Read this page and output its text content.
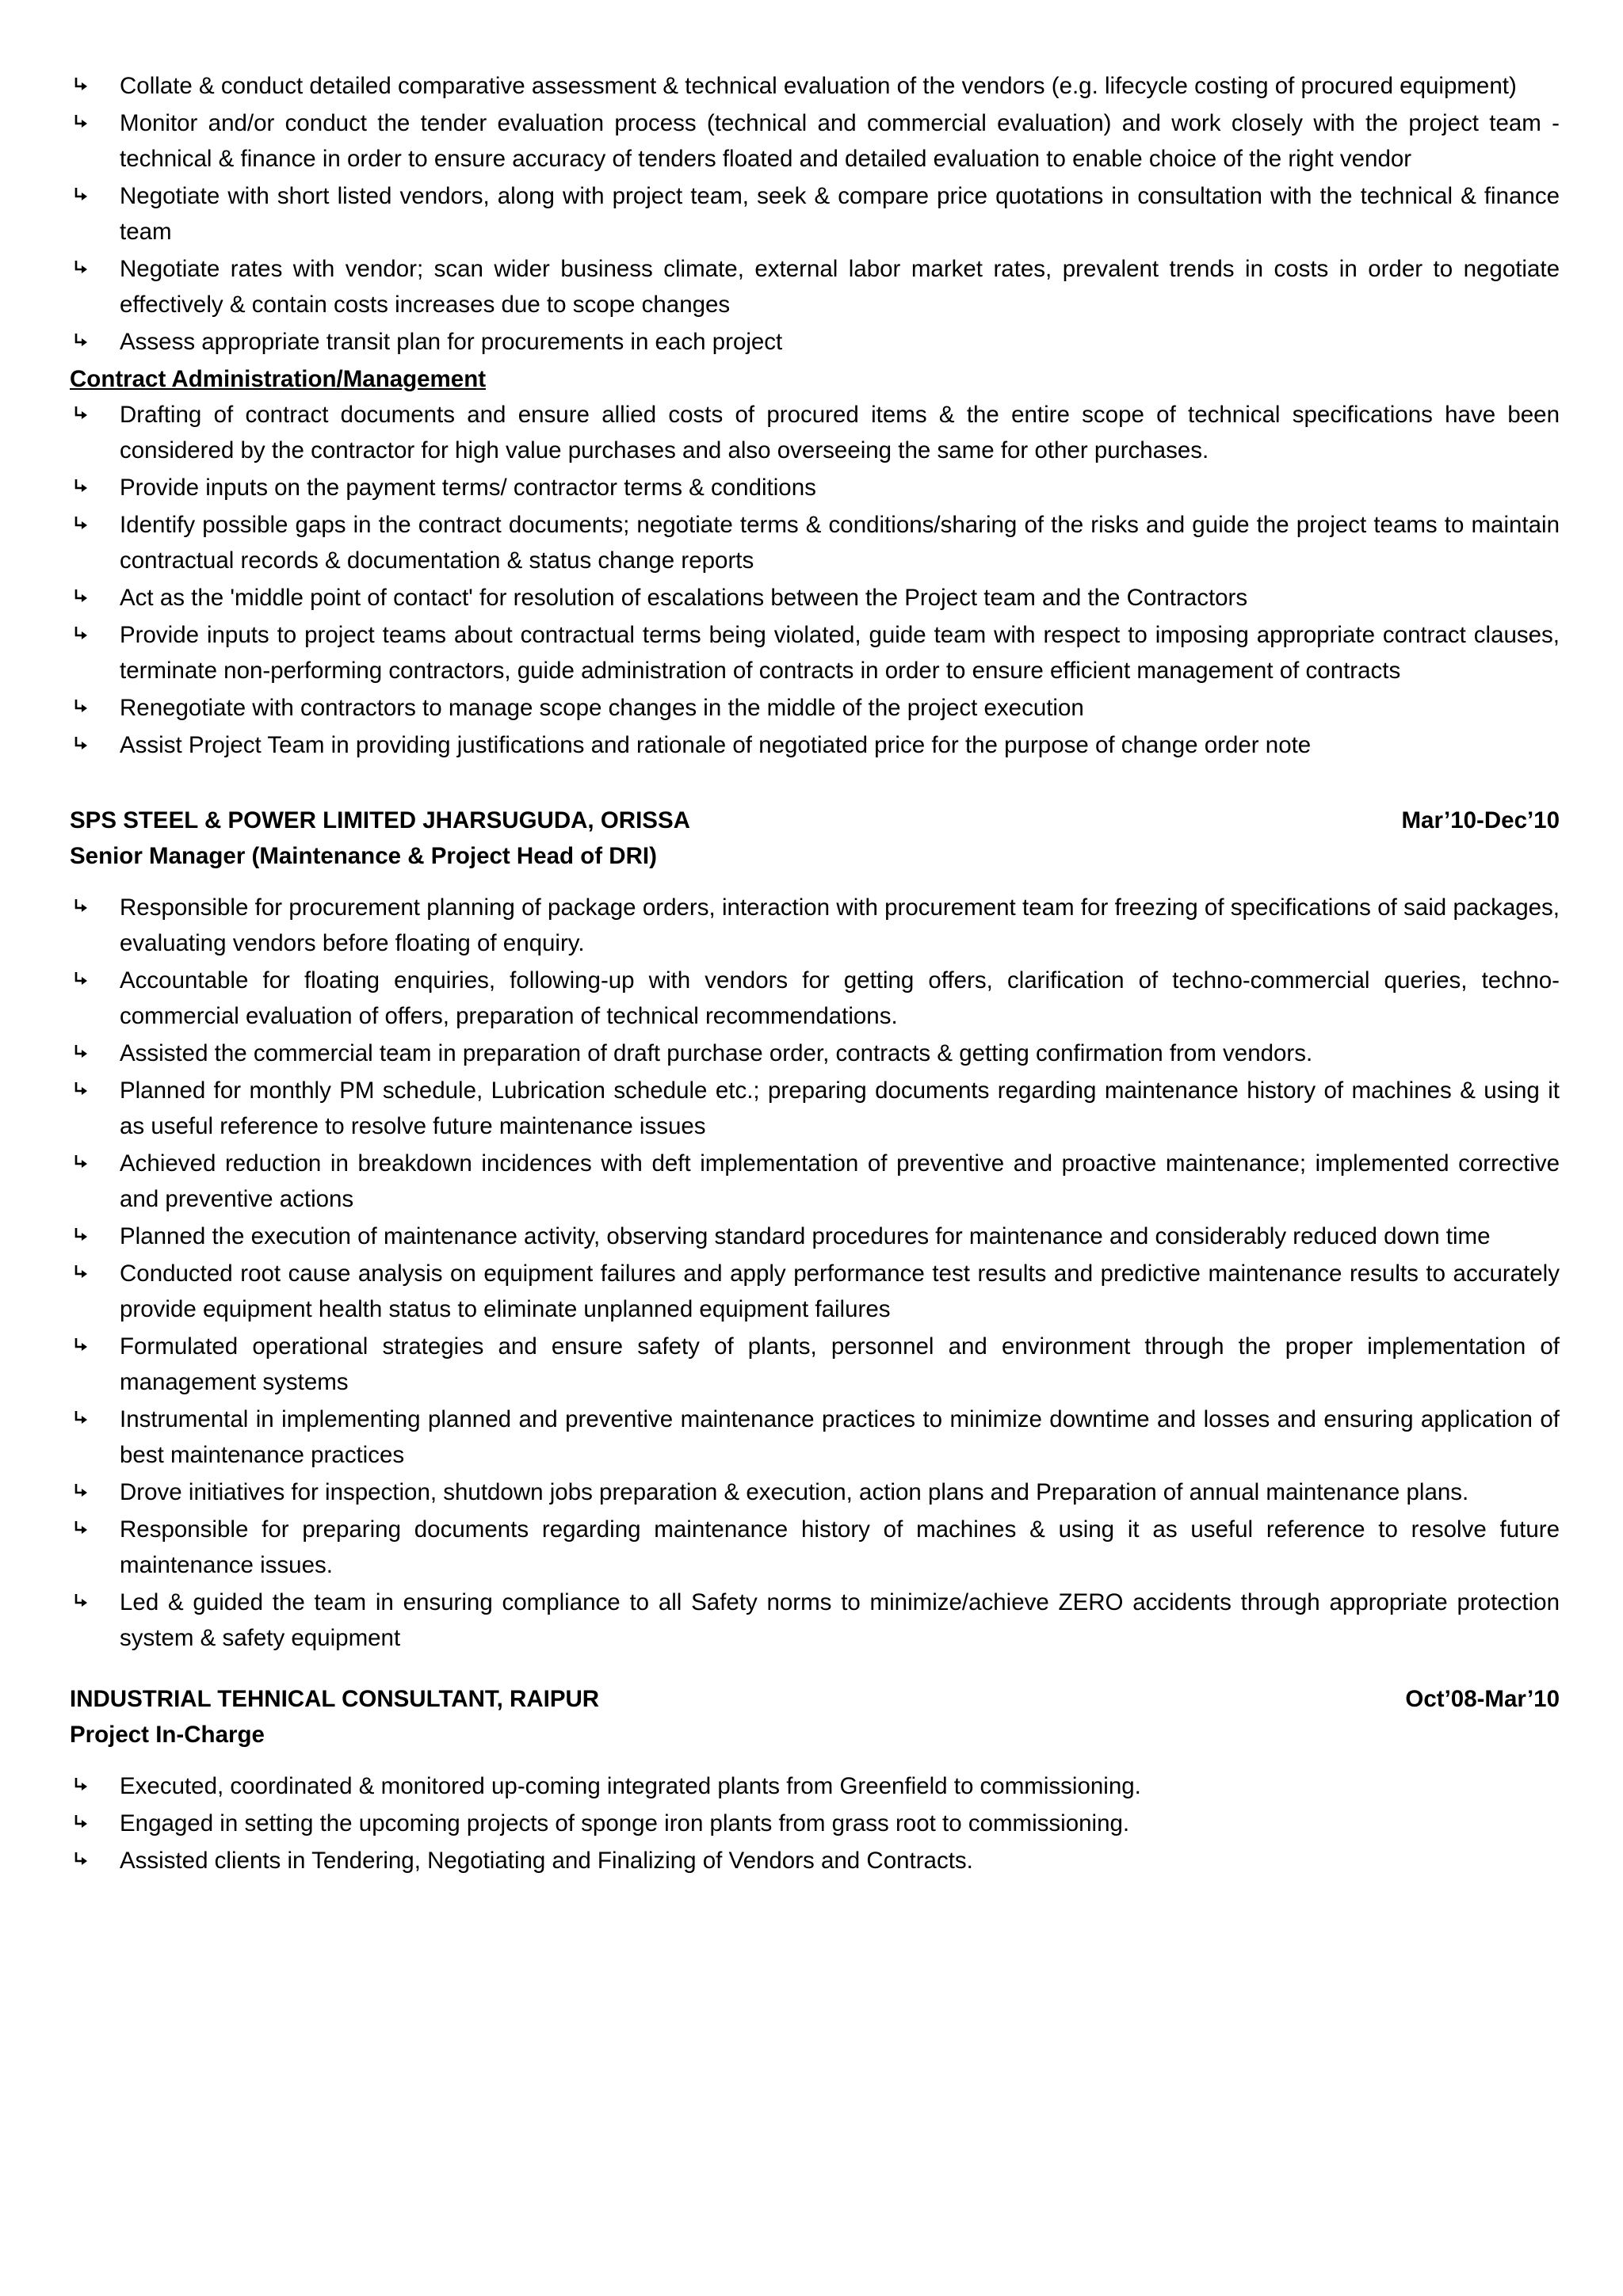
Collate & conduct detailed comparative assessment & technical evaluation of the vendors (e.g. lifecycle costing of procured equipment)
Monitor and/or conduct the tender evaluation process (technical and commercial evaluation) and work closely with the project team - technical & finance in order to ensure accuracy of tenders floated and detailed evaluation to enable choice of the right vendor
Negotiate with short listed vendors, along with project team, seek & compare price quotations in consultation with the technical & finance team
Negotiate rates with vendor; scan wider business climate, external labor market rates, prevalent trends in costs in order to negotiate effectively & contain costs increases due to scope changes
Assess appropriate transit plan for procurements in each project
Contract Administration/Management
Drafting of contract documents and ensure allied costs of procured items & the entire scope of technical specifications have been considered by the contractor for high value purchases and also overseeing the same for other purchases.
Provide inputs on the payment terms/ contractor terms & conditions
Identify possible gaps in the contract documents; negotiate terms & conditions/sharing of the risks and guide the project teams to maintain contractual records & documentation & status change reports
Act as the 'middle point of contact' for resolution of escalations between the Project team and the Contractors
Provide inputs to project teams about contractual terms being violated, guide team with respect to imposing appropriate contract clauses, terminate non-performing contractors, guide administration of contracts in order to ensure efficient management of contracts
Renegotiate with contractors to manage scope changes in the middle of the project execution
Assist Project Team in providing justifications and rationale of negotiated price for the purpose of change order note
SPS STEEL & POWER LIMITED JHARSUGUDA, ORISSA	Mar’10-Dec’10
Senior Manager (Maintenance & Project Head of DRI)
Responsible for procurement planning of package orders, interaction with procurement team for freezing of specifications of said packages, evaluating vendors before floating of enquiry.
Accountable for floating enquiries, following-up with vendors for getting offers, clarification of techno-commercial queries, techno-commercial evaluation of offers, preparation of technical recommendations.
Assisted the commercial team in preparation of draft purchase order, contracts & getting confirmation from vendors.
Planned for monthly PM schedule, Lubrication schedule etc.; preparing documents regarding maintenance history of machines & using it as useful reference to resolve future maintenance issues
Achieved reduction in breakdown incidences with deft implementation of preventive and proactive maintenance; implemented corrective and preventive actions
Planned the execution of maintenance activity, observing standard procedures for maintenance and considerably reduced down time
Conducted root cause analysis on equipment failures and apply performance test results and predictive maintenance results to accurately provide equipment health status to eliminate unplanned equipment failures
Formulated operational strategies and ensure safety of plants, personnel and environment through the proper implementation of management systems
Instrumental in implementing planned and preventive maintenance practices to minimize downtime and losses and ensuring application of best maintenance practices
Drove initiatives for inspection, shutdown jobs preparation & execution, action plans and Preparation of annual maintenance plans.
Responsible for preparing documents regarding maintenance history of machines & using it as useful reference to resolve future maintenance issues.
Led & guided the team in ensuring compliance to all Safety norms to minimize/achieve ZERO accidents through appropriate protection system & safety equipment
INDUSTRIAL TEHNICAL CONSULTANT, RAIPUR	Oct’08-Mar’10
Project In-Charge
Executed, coordinated & monitored up-coming integrated plants from Greenfield to commissioning.
Engaged in setting the upcoming projects of sponge iron plants from grass root to commissioning.
Assisted clients in Tendering, Negotiating and Finalizing of Vendors and Contracts.
